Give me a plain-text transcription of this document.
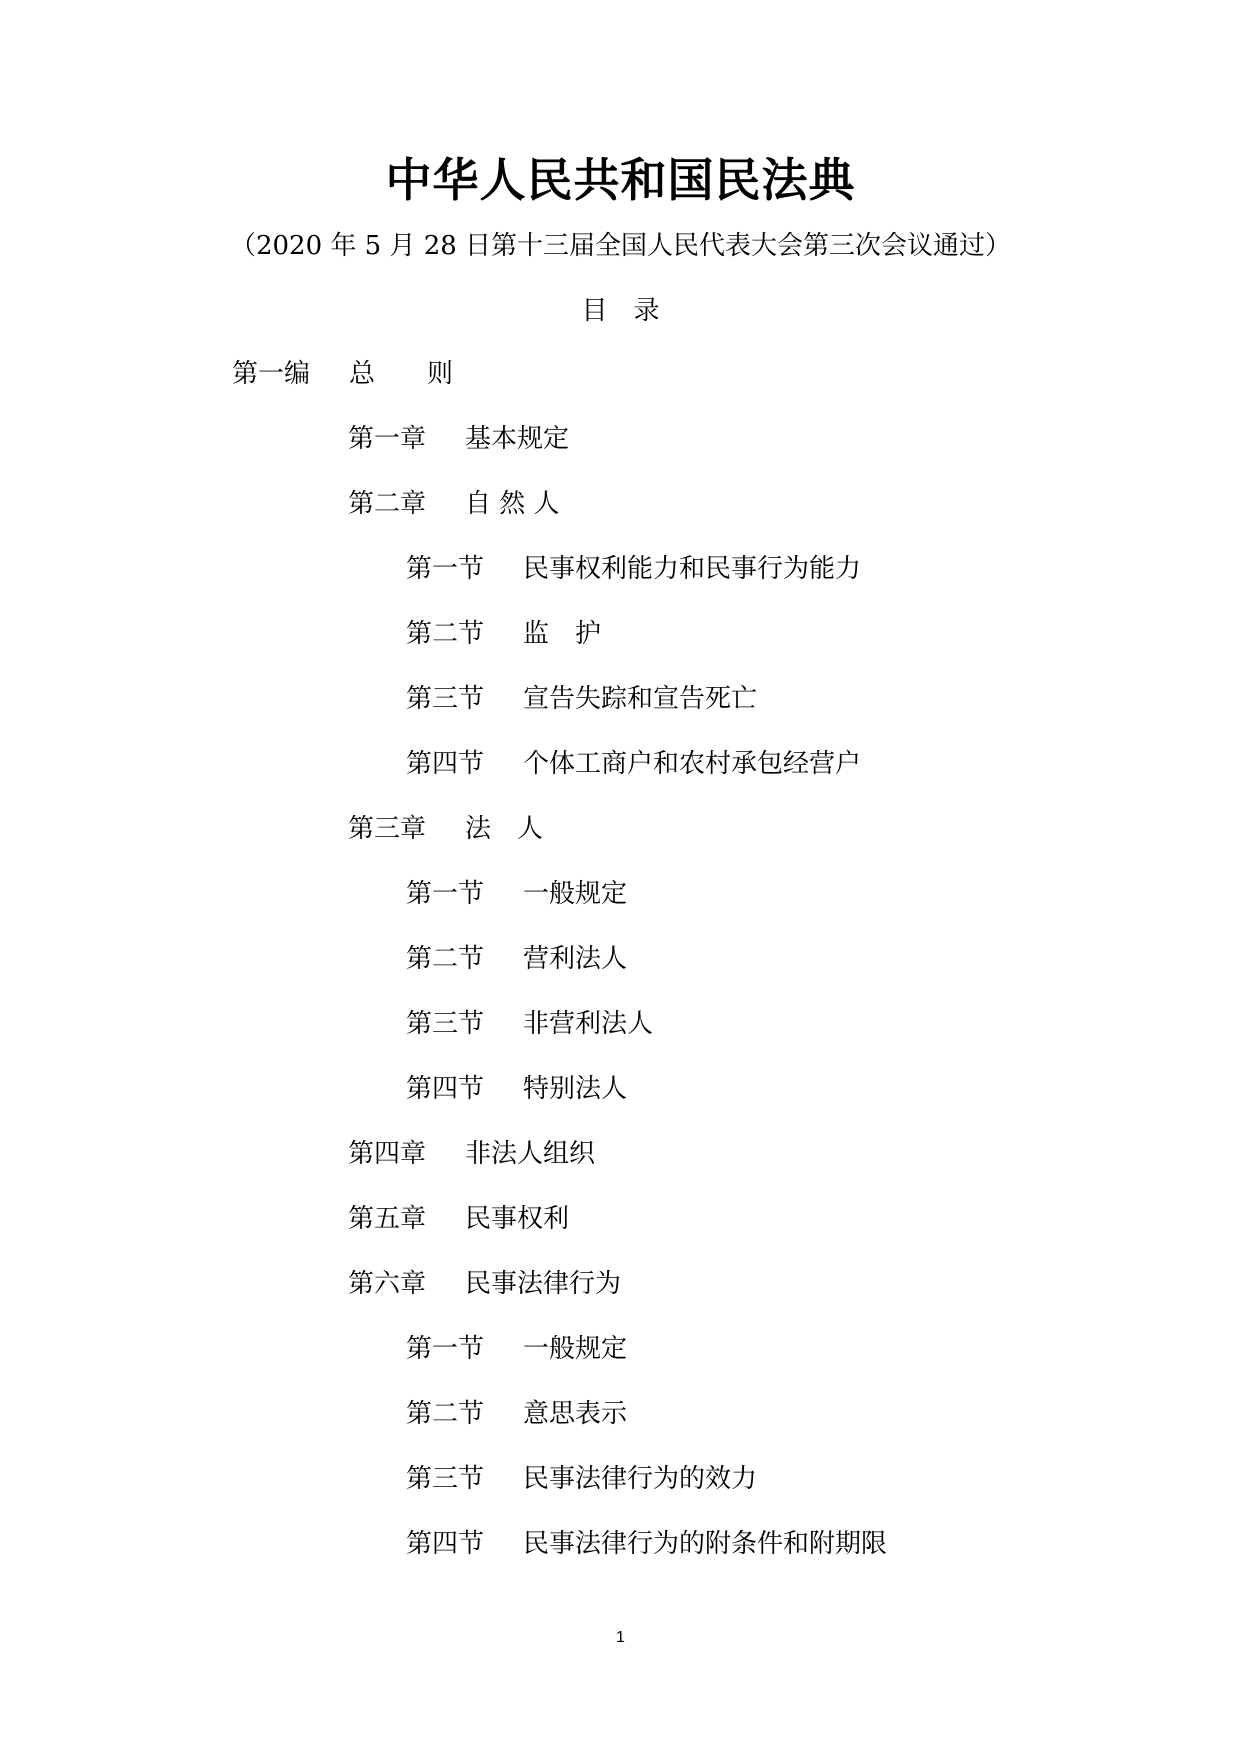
中华人民共和国民法典
（2020 年 5 月 28 日第十三届全国人民代表大会第三次会议通过）
目　录
第一编	总　　则
第一章	基本规定
第二章	自 然 人
第一节	民事权利能力和民事行为能力
第二节	监　护
第三节	宣告失踪和宣告死亡
第四节	个体工商户和农村承包经营户
第三章	法　人
第一节	一般规定
第二节	营利法人
第三节	非营利法人
第四节	特别法人
第四章	非法人组织
第五章	民事权利
第六章	民事法律行为
第一节	一般规定
第二节	意思表示
第三节	民事法律行为的效力
第四节	民事法律行为的附条件和附期限
1
